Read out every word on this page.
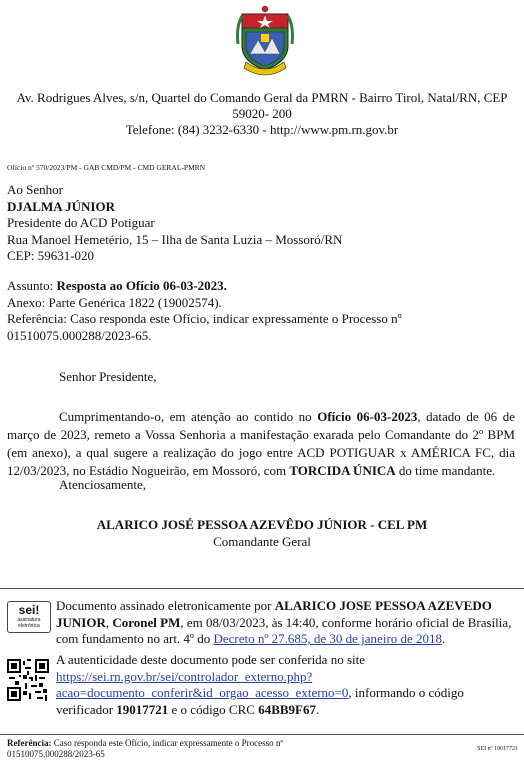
Av. Rodrigues Alves, s/n, Quartel do Comando Geral da PMRN - Bairro Tirol, Natal/RN, CEP
59020- 200
Telefone: (84) 3232-6330 - http://www.pm.rn.gov.br
Ofício nº 570/2023/PM - GAB CMD/PM - CMD GERAL-PMRN
Ao Senhor
DJALMA JÚNIOR
Presidente do ACD Potiguar
Rua Manoel Hemetério, 15 – Ilha de Santa Luzia – Mossoró/RN
CEP: 59631-020
Assunto: Resposta ao Ofício 06-03-2023.
Anexo: Parte Genérica 1822 (19002574).
Referência: Caso responda este Ofício, indicar expressamente o Processo nº
01510075.000288/2023-65.
Senhor Presidente,
Cumprimentando-o, em atenção ao contido no Ofício 06-03-2023, datado de 06 de março de 2023, remeto a Vossa Senhoria a manifestação exarada pelo Comandante do 2º BPM (em anexo), a qual sugere a realização do jogo entre ACD POTIGUAR x AMÉRICA FC, dia 12/03/2023, no Estádio Nogueirão, em Mossoró, com TORCIDA ÚNICA do time mandante.
Atenciosamente,
ALARICO JOSÉ PESSOA AZEVÊDO JÚNIOR - CEL PM
Comandante Geral
sei!
assinatura
eletrônica
Documento assinado eletronicamente por ALARICO JOSE PESSOA AZEVEDO JUNIOR, Coronel PM, em 08/03/2023, às 14:40, conforme horário oficial de Brasília, com fundamento no art. 4º do Decreto nº 27.685, de 30 de janeiro de 2018.
A autenticidade deste documento pode ser conferida no site
https://sei.rn.gov.br/sei/controlador_externo.php?
acao=documento_conferir&id_orgao_acesso_externo=0, informando o código
verificador 19017721 e o código CRC 64BB9F67.
Referência: Caso responda este Ofício, indicar expressamente o Processo nº
01510075.000288/2023-65	SEI nº 19017721
